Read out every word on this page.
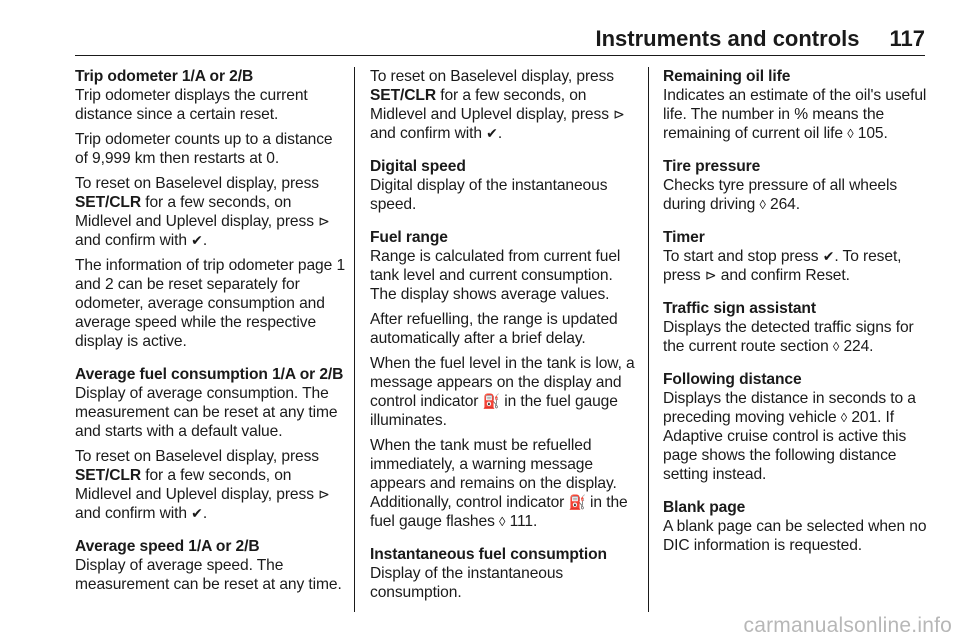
Instruments and controls 117
Trip odometer 1/A or 2/B

Trip odometer displays the current distance since a certain reset.

Trip odometer counts up to a distance of 9,999 km then restarts at 0.

To reset on Baselevel display, press SET/CLR for a few seconds, on Midlevel and Uplevel display, press ⊳ and confirm with ✔.

The information of trip odometer page 1 and 2 can be reset separately for odometer, average consumption and average speed while the respective display is active.

Average fuel consumption 1/A or 2/B

Display of average consumption. The measurement can be reset at any time and starts with a default value.

To reset on Baselevel display, press SET/CLR for a few seconds, on Midlevel and Uplevel display, press ⊳ and confirm with ✔.

Average speed 1/A or 2/B

Display of average speed. The measurement can be reset at any time.

To reset on Baselevel display, press SET/CLR for a few seconds, on Midlevel and Uplevel display, press ⊳ and confirm with ✔.

Digital speed

Digital display of the instantaneous speed.

Fuel range

Range is calculated from current fuel tank level and current consumption. The display shows average values.

After refuelling, the range is updated automatically after a brief delay.

When the fuel level in the tank is low, a message appears on the display and control indicator ⛽ in the fuel gauge illuminates.

When the tank must be refuelled immediately, a warning message appears and remains on the display. Additionally, control indicator ⛽ in the fuel gauge flashes ◊ 111.

Instantaneous fuel consumption

Display of the instantaneous consumption.

Remaining oil life

Indicates an estimate of the oil's useful life. The number in % means the remaining of current oil life ◊ 105.

Tire pressure

Checks tyre pressure of all wheels during driving ◊ 264.

Timer

To start and stop press ✔. To reset, press ⊳ and confirm Reset.

Traffic sign assistant

Displays the detected traffic signs for the current route section ◊ 224.

Following distance

Displays the distance in seconds to a preceding moving vehicle ◊ 201. If Adaptive cruise control is active this page shows the following distance setting instead.

Blank page

A blank page can be selected when no DIC information is requested.

carmanualsonline.info
